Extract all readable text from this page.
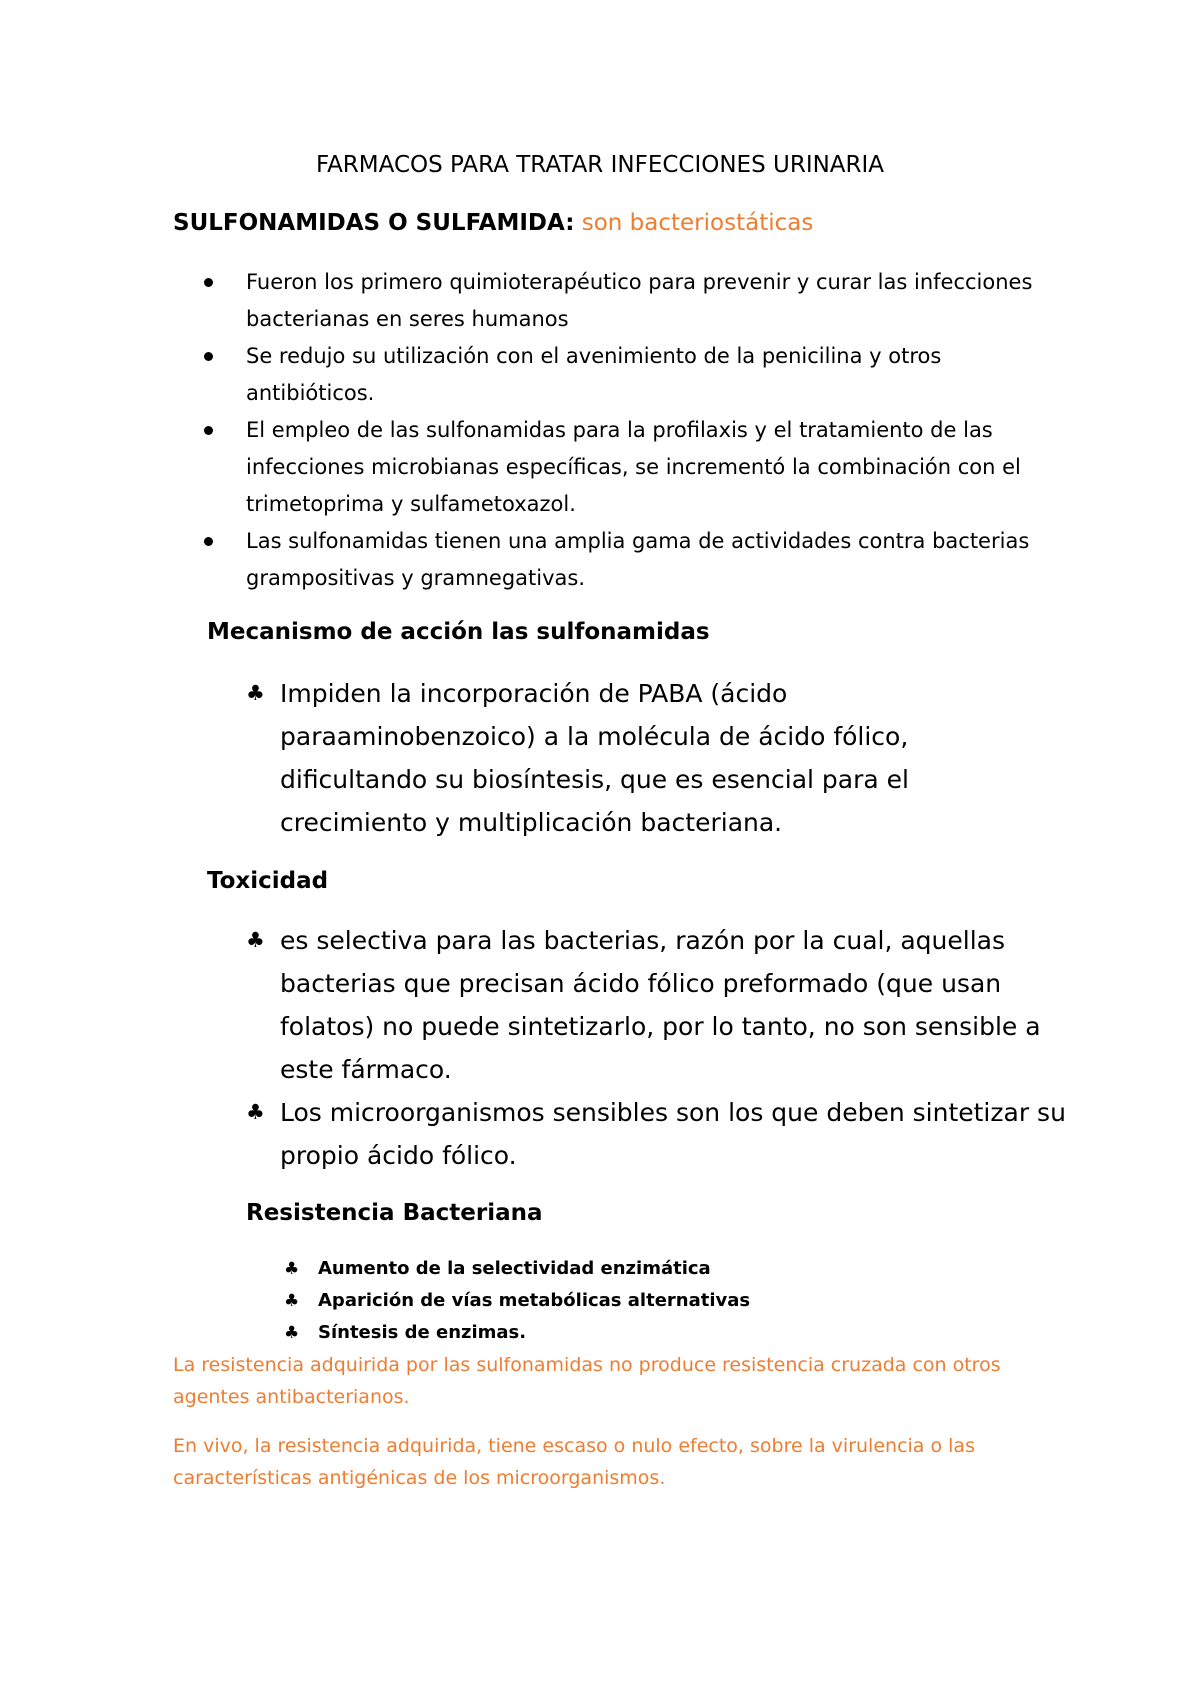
FARMACOS PARA TRATAR INFECCIONES URINARIA
SULFONAMIDAS O SULFAMIDA: son bacteriostáticas
Fueron los primero quimioterapéutico para prevenir y curar las infecciones bacterianas en seres humanos
Se redujo su utilización con el avenimiento de la penicilina y otros antibióticos.
El empleo de las sulfonamidas para la profilaxis y el tratamiento de las infecciones microbianas específicas, se incrementó la combinación con el trimetoprima y sulfametoxazol.
Las sulfonamidas tienen una amplia gama de actividades contra bacterias grampositivas y gramnegativas.
Mecanismo de acción las sulfonamidas
♣ Impiden la incorporación de PABA (ácido paraaminobenzoico) a la molécula de ácido fólico, dificultando su biosíntesis, que es esencial para el crecimiento y multiplicación bacteriana.
Toxicidad
♣ es selectiva para las bacterias, razón por la cual, aquellas bacterias que precisan ácido fólico preformado (que usan folatos) no puede sintetizarlo, por lo tanto, no son sensible a este fármaco.
♣ Los microorganismos sensibles son los que deben sintetizar su propio ácido fólico.
Resistencia Bacteriana
♣ Aumento de la selectividad enzimática
♣ Aparición de vías metabólicas alternativas
♣ Síntesis de enzimas.

La resistencia adquirida por las sulfonamidas no produce resistencia cruzada con otros agentes antibacterianos.

En vivo, la resistencia adquirida, tiene escaso o nulo efecto, sobre la virulencia o las características antigénicas de los microorganismos.
